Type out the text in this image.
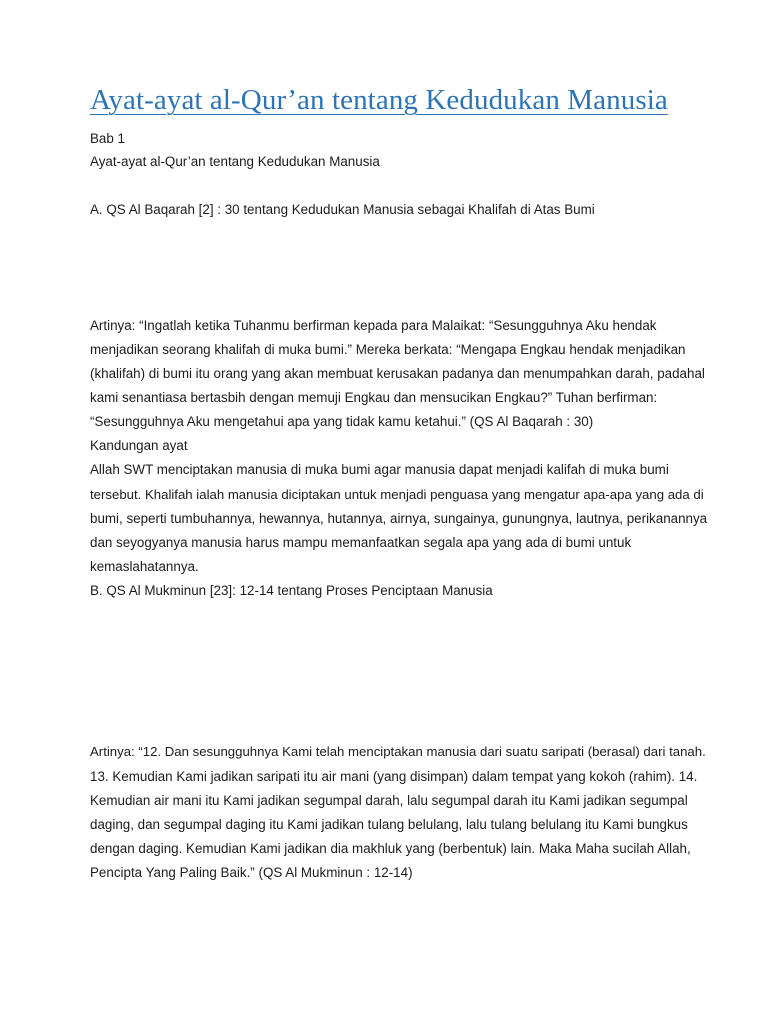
Ayat-ayat al-Qur’an tentang Kedudukan Manusia

Bab 1

Ayat-ayat al-Qur’an tentang Kedudukan Manusia

A. QS Al Baqarah [2] : 30 tentang Kedudukan Manusia sebagai Khalifah di Atas Bumi

Artinya: “Ingatlah ketika Tuhanmu berfirman kepada para Malaikat: “Sesungguhnya Aku hendak

menjadikan seorang khalifah di muka bumi.” Mereka berkata: “Mengapa Engkau hendak menjadikan

(khalifah) di bumi itu orang yang akan membuat kerusakan padanya dan menumpahkan darah, padahal

kami senantiasa bertasbih dengan memuji Engkau dan mensucikan Engkau?” Tuhan berfirman:

“Sesungguhnya Aku mengetahui apa yang tidak kamu ketahui.” (QS Al Baqarah : 30)

Kandungan ayat

Allah SWT menciptakan manusia di muka bumi agar manusia dapat menjadi kalifah di muka bumi

tersebut. Khalifah ialah manusia diciptakan untuk menjadi penguasa yang mengatur apa-apa yang ada di

bumi, seperti tumbuhannya, hewannya, hutannya, airnya, sungainya, gunungnya, lautnya, perikanannya

dan seyogyanya manusia harus mampu memanfaatkan segala apa yang ada di bumi untuk

kemaslahatannya.

B. QS Al Mukminun [23]: 12-14 tentang Proses Penciptaan Manusia

Artinya: “12. Dan sesungguhnya Kami telah menciptakan manusia dari suatu saripati (berasal) dari tanah.

13. Kemudian Kami jadikan saripati itu air mani (yang disimpan) dalam tempat yang kokoh (rahim). 14.

Kemudian air mani itu Kami jadikan segumpal darah, lalu segumpal darah itu Kami jadikan segumpal

daging, dan segumpal daging itu Kami jadikan tulang belulang, lalu tulang belulang itu Kami bungkus

dengan daging. Kemudian Kami jadikan dia makhluk yang (berbentuk) lain. Maka Maha sucilah Allah,

Pencipta Yang Paling Baik.” (QS Al Mukminun : 12-14)
